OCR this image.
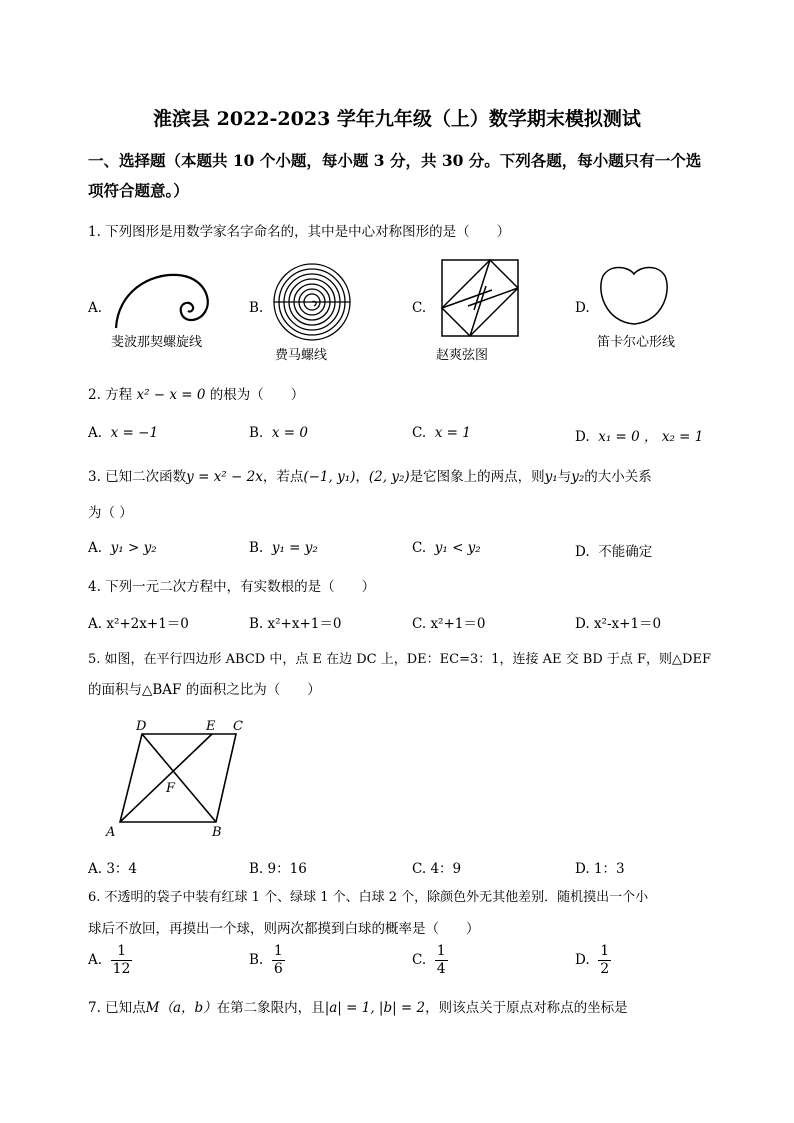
淮滨县 2022-2023 学年九年级（上）数学期末模拟测试
一、选择题（本题共 10 个小题，每小题 3 分，共 30 分。下列各题，每小题只有一个选
项符合题意。）
1. 下列图形是用数学家名字命名的，其中是中心对称图形的是（　　）
A.
斐波那契螺旋线
B.
费马螺线
C.
赵爽弦图
D.
笛卡尔心形线
2. 方程 x² − x = 0 的根为（　　）
A. x = −1	B. x = 0	C. x = 1	D. x₁ = 0 ， x₂ = 1
3. 已知二次函数y = x² − 2x，若点(−1, y₁)，(2, y₂)是它图象上的两点，则y₁与y₂的大小关系
为（ ）
A. y₁ > y₂	B. y₁ = y₂	C. y₁ < y₂	D. 不能确定
4. 下列一元二次方程中，有实数根的是（　　）
A. x²+2x+1＝0	B. x²+x+1＝0	C. x²+1＝0	D. x²-x+1＝0
5. 如图，在平行四边形 ABCD 中，点 E 在边 DC 上，DE：EC=3：1，连接 AE 交 BD 于点 F，则△DEF
的面积与△BAF 的面积之比为（　　）
A	B
C
D	E
F
A. 3：4	B. 9：16	C. 4：9	D. 1：3
6. 不透明的袋子中装有红球 1 个、绿球 1 个、白球 2 个，除颜色外无其他差别．随机摸出一个小
球后不放回，再摸出一个球，则两次都摸到白球的概率是（　　）
A. $\frac{1}{12}$	B. $\frac{1}{6}$	C. $\frac{1}{4}$	D. $\frac{1}{2}$
7. 已知点M（a，b）在第二象限内，且|a| = 1, |b| = 2，则该点关于原点对称点的坐标是
